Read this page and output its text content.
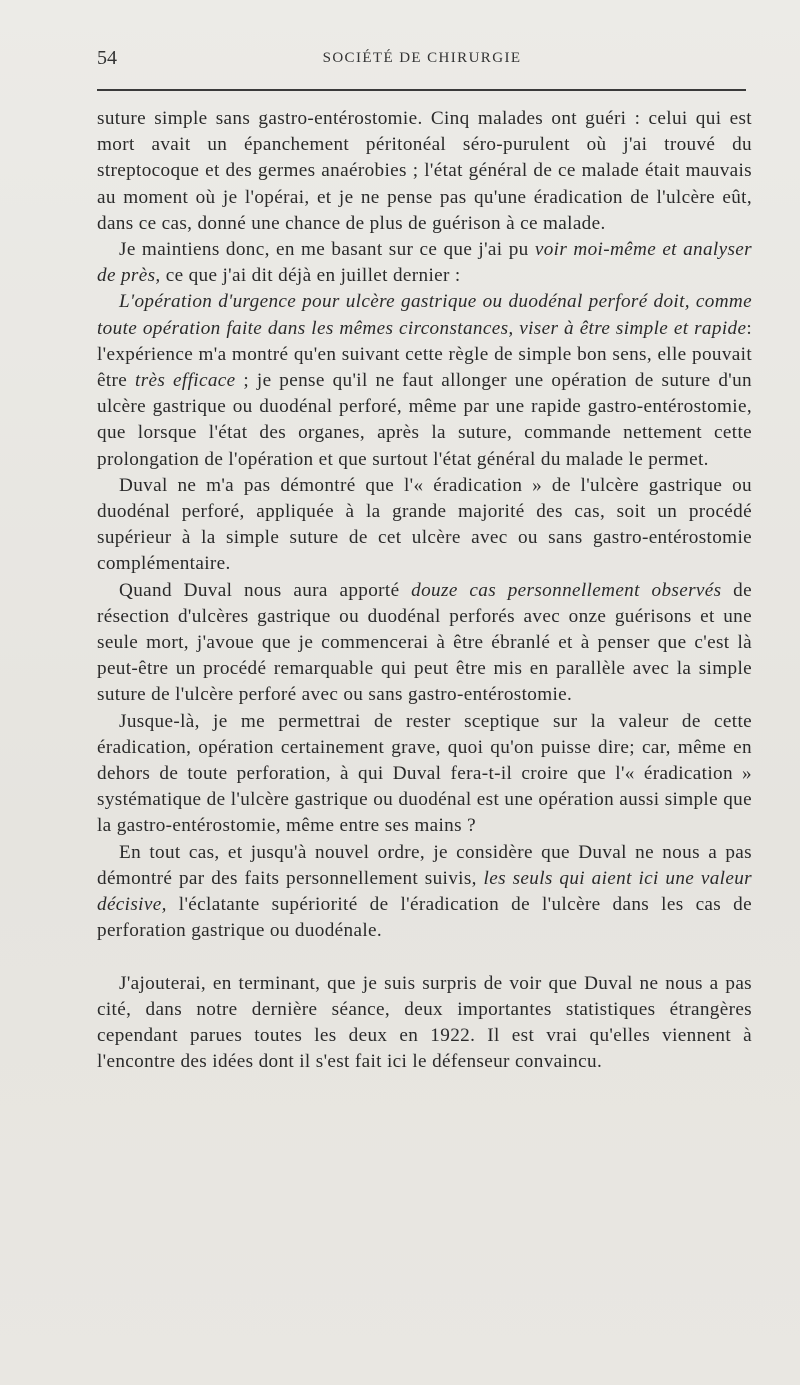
54	SOCIÉTÉ DE CHIRURGIE

suture simple sans gastro-entérostomie. Cinq malades ont guéri : celui qui est mort avait un épanchement péritonéal séro-purulent où j'ai trouvé du streptocoque et des germes anaérobies ; l'état général de ce malade était mauvais au moment où je l'opérai, et je ne pense pas qu'une éradication de l'ulcère eût, dans ce cas, donné une chance de plus de guérison à ce malade.

Je maintiens donc, en me basant sur ce que j'ai pu voir moi-même et analyser de près, ce que j'ai dit déjà en juillet dernier :

L'opération d'urgence pour ulcère gastrique ou duodénal perforé doit, comme toute opération faite dans les mêmes circonstances, viser à être simple et rapide: l'expérience m'a montré qu'en suivant cette règle de simple bon sens, elle pouvait être très efficace ; je pense qu'il ne faut allonger une opération de suture d'un ulcère gastrique ou duodénal perforé, même par une rapide gastro-entérostomie, que lorsque l'état des organes, après la suture, commande nettement cette prolongation de l'opération et que surtout l'état général du malade le permet.

Duval ne m'a pas démontré que l'« éradication » de l'ulcère gastrique ou duodénal perforé, appliquée à la grande majorité des cas, soit un procédé supérieur à la simple suture de cet ulcère avec ou sans gastro-entérostomie complémentaire.

Quand Duval nous aura apporté douze cas personnellement observés de résection d'ulcères gastrique ou duodénal perforés avec onze guérisons et une seule mort, j'avoue que je commencerai à être ébranlé et à penser que c'est là peut-être un procédé remarquable qui peut être mis en parallèle avec la simple suture de l'ulcère perforé avec ou sans gastro-entérostomie.

Jusque-là, je me permettrai de rester sceptique sur la valeur de cette éradication, opération certainement grave, quoi qu'on puisse dire; car, même en dehors de toute perforation, à qui Duval fera-t-il croire que l'« éradication » systématique de l'ulcère gastrique ou duodénal est une opération aussi simple que la gastro-entérostomie, même entre ses mains ?

En tout cas, et jusqu'à nouvel ordre, je considère que Duval ne nous a pas démontré par des faits personnellement suivis, les seuls qui aient ici une valeur décisive, l'éclatante supériorité de l'éradication de l'ulcère dans les cas de perforation gastrique ou duodénale.

J'ajouterai, en terminant, que je suis surpris de voir que Duval ne nous a pas cité, dans notre dernière séance, deux importantes statistiques étrangères cependant parues toutes les deux en 1922. Il est vrai qu'elles viennent à l'encontre des idées dont il s'est fait ici le défenseur convaincu.
